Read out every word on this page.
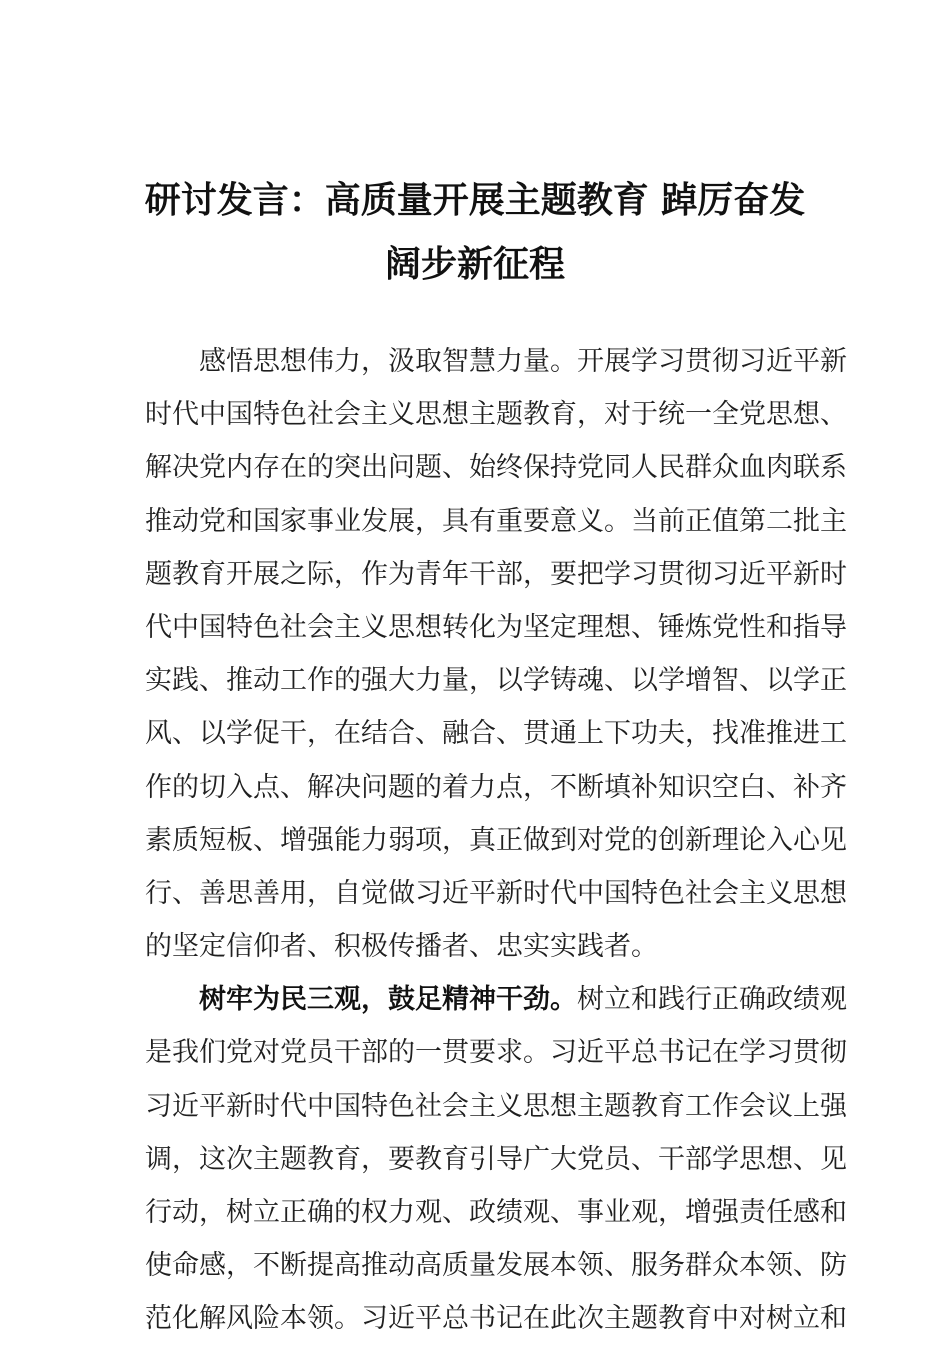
研讨发言：高质量开展主题教育 踔厉奋发
阔步新征程
感悟思想伟力，汲取智慧力量。开展学习贯彻习近平新
时代中国特色社会主义思想主题教育，对于统一全党思想、
解决党内存在的突出问题、始终保持党同人民群众血肉联系
推动党和国家事业发展，具有重要意义。当前正值第二批主
题教育开展之际，作为青年干部，要把学习贯彻习近平新时
代中国特色社会主义思想转化为坚定理想、锤炼党性和指导
实践、推动工作的强大力量，以学铸魂、以学增智、以学正
风、以学促干，在结合、融合、贯通上下功夫，找准推进工
作的切入点、解决问题的着力点，不断填补知识空白、补齐
素质短板、增强能力弱项，真正做到对党的创新理论入心见
行、善思善用，自觉做习近平新时代中国特色社会主义思想
的坚定信仰者、积极传播者、忠实实践者。
树牢为民三观，鼓足精神干劲。树立和践行正确政绩观
是我们党对党员干部的一贯要求。习近平总书记在学习贯彻
习近平新时代中国特色社会主义思想主题教育工作会议上强
调，这次主题教育，要教育引导广大党员、干部学思想、见
行动，树立正确的权力观、政绩观、事业观，增强责任感和
使命感，不断提高推动高质量发展本领、服务群众本领、防
范化解风险本领。习近平总书记在此次主题教育中对树立和
